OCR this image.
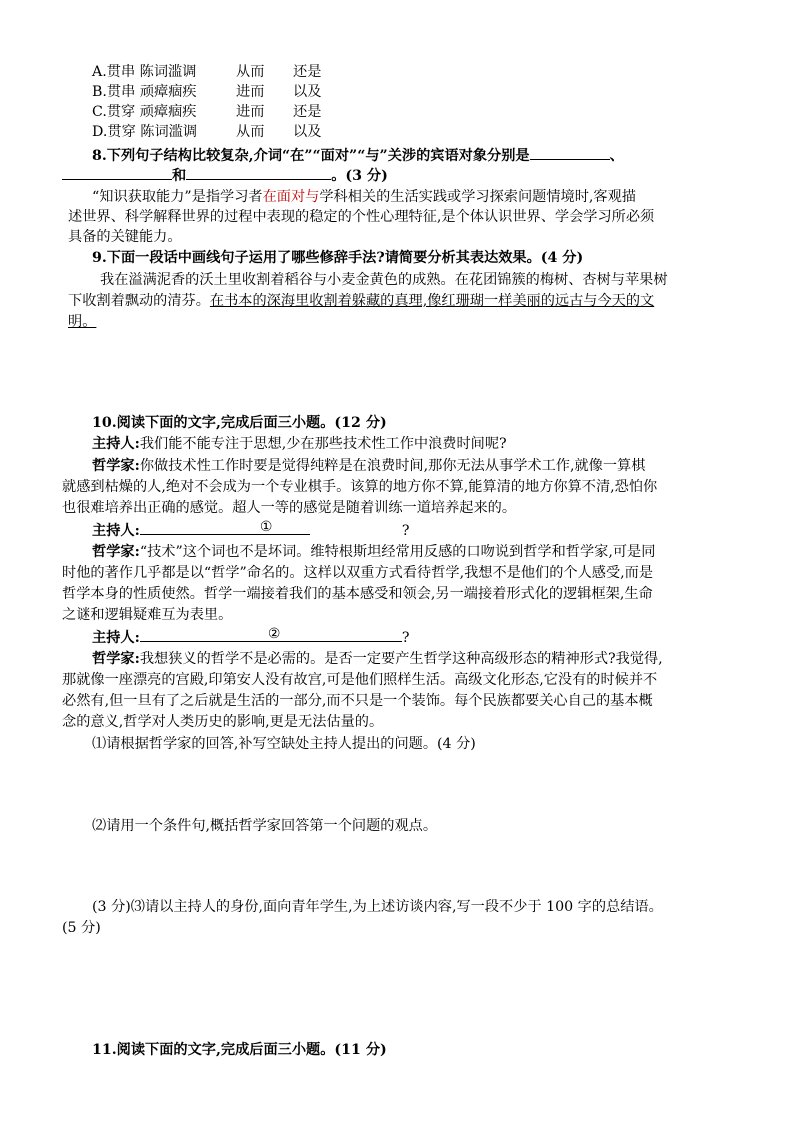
A.贯串 陈词滥调	从而 还是
B.贯串 顽瘴痼疾	进而 以及
C.贯穿 顽瘴痼疾	进而 还是
D.贯穿 陈词滥调	从而 以及
8.下列句子结构比较复杂,介词“在”“面对”“与”关涉的宾语对象分别是	、
和	。(3 分)
“知识获取能力”是指学习者在面对与学科相关的生活实践或学习探索问题情境时,客观描
述世界、科学解释世界的过程中表现的稳定的个性心理特征,是个体认识世界、学会学习所必须
具备的关键能力。
9.下面一段话中画线句子运用了哪些修辞手法?请简要分析其表达效果。(4 分)
我在溢满泥香的沃土里收割着稻谷与小麦金黄色的成熟。在花团锦簇的梅树、杏树与苹果树
下收割着飘动的清芬。在书本的深海里收割着躲藏的真理,像红珊瑚一样美丽的远古与今天的文
明。
10.阅读下面的文字,完成后面三小题。(12 分)
主持人:我们能不能专注于思想,少在那些技术性工作中浪费时间呢?
哲学家:你做技术性工作时要是觉得纯粹是在浪费时间,那你无法从事学术工作,就像一算棋
就感到枯燥的人,绝对不会成为一个专业棋手。该算的地方你不算,能算清的地方你算不清,恐怕你
也很难培养出正确的感觉。超人一等的感觉是随着训练一道培养起来的。
主持人:	①	?
哲学家:“技术”这个词也不是坏词。维特根斯坦经常用反感的口吻说到哲学和哲学家,可是同
时他的著作几乎都是以“哲学”命名的。这样以双重方式看待哲学,我想不是他们的个人感受,而是
哲学本身的性质使然。哲学一端接着我们的基本感受和领会,另一端接着形式化的逻辑框架,生命
之谜和逻辑疑难互为表里。
主持人:	②	?
哲学家:我想狭义的哲学不是必需的。是否一定要产生哲学这种高级形态的精神形式?我觉得,
那就像一座漂亮的宫殿,印第安人没有故宫,可是他们照样生活。高级文化形态,它没有的时候并不
必然有,但一旦有了之后就是生活的一部分,而不只是一个装饰。每个民族都要关心自己的基本概
念的意义,哲学对人类历史的影响,更是无法估量的。
⑴请根据哲学家的回答,补写空缺处主持人提出的问题。(4 分)
⑵请用一个条件句,概括哲学家回答第一个问题的观点。
(3 分)⑶请以主持人的身份,面向青年学生,为上述访谈内容,写一段不少于 100 字的总结语。
(5 分)
11.阅读下面的文字,完成后面三小题。(11 分)
